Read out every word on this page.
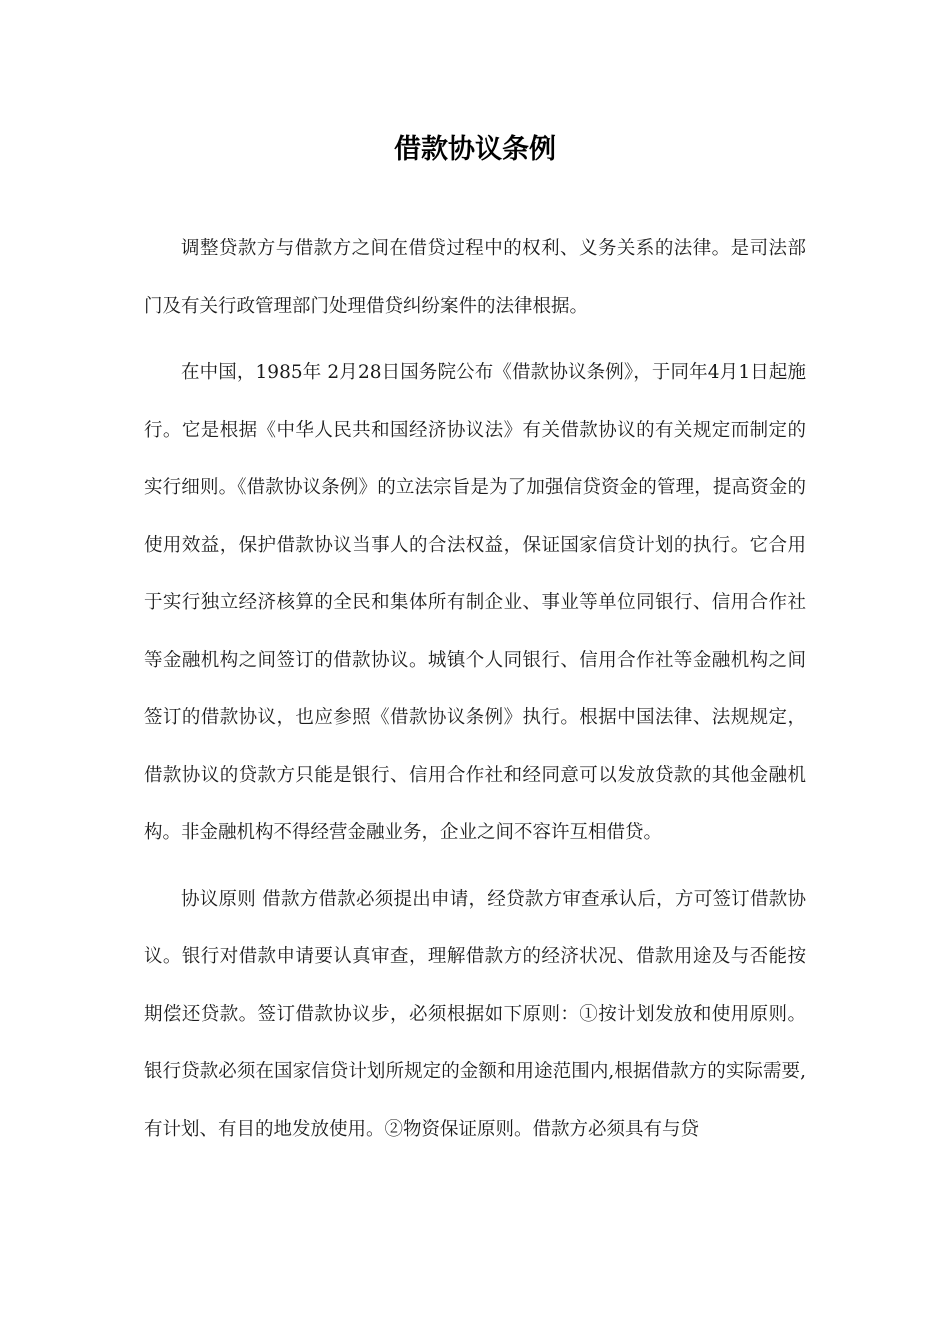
借款协议条例

调整贷款方与借款方之间在借贷过程中的权利、义务关系的法律。是司法部门及有关行政管理部门处理借贷纠纷案件的法律根据。

在中国，1985年 2月28日国务院公布《借款协议条例》，于同年4月1日起施行。它是根据《中华人民共和国经济协议法》有关借款协议的有关规定而制定的实行细则。《借款协议条例》的立法宗旨是为了加强信贷资金的管理，提高资金的使用效益，保护借款协议当事人的合法权益，保证国家信贷计划的执行。它合用于实行独立经济核算的全民和集体所有制企业、事业等单位同银行、信用合作社等金融机构之间签订的借款协议。城镇个人同银行、信用合作社等金融机构之间签订的借款协议，也应参照《借款协议条例》执行。根据中国法律、法规规定，借款协议的贷款方只能是银行、信用合作社和经同意可以发放贷款的其他金融机构。非金融机构不得经营金融业务，企业之间不容许互相借贷。

协议原则 借款方借款必须提出申请，经贷款方审查承认后，方可签订借款协议。银行对借款申请要认真审查，理解借款方的经济状况、借款用途及与否能按期偿还贷款。签订借款协议步，必须根据如下原则：①按计划发放和使用原则。银行贷款必须在国家信贷计划所规定的金额和用途范围内,根据借款方的实际需要,有计划、有目的地发放使用。②物资保证原则。借款方必须具有与贷
